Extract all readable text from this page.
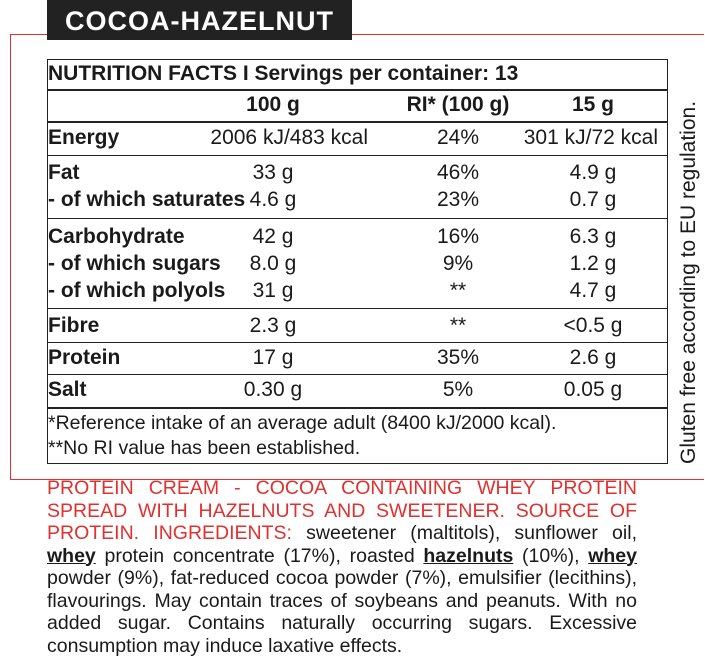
COCOA-HAZELNUT
NUTRITION FACTS I Servings per container: 13
100 g	RI* (100 g)	15 g
Energy	2006 kJ/483 kcal	24%	301 kJ/72 kcal
Fat	33 g	46%	4.9 g
- of which saturates 4.6 g	23%	0.7 g
Carbohydrate	42 g	16%	6.3 g
- of which sugars	8.0 g	9%	1.2 g
- of which polyols	31 g	**	4.7 g
Fibre	2.3 g	**	<0.5 g
Protein	17 g	35%	2.6 g
Salt	0.30 g	5%	0.05 g
*Reference intake of an average adult (8400 kJ/2000 kcal).
**No RI value has been established.	Gluten free according to EU regulation.
PROTEIN CREAM - COCOA CONTAINING WHEY PROTEIN SPREAD WITH HAZELNUTS AND SWEETENER. SOURCE OF PROTEIN. INGREDIENTS: sweetener (maltitols), sunflower oil, whey protein concentrate (17%), roasted hazelnuts (10%), whey powder (9%), fat-reduced cocoa powder (7%), emulsifier (lecithins), flavourings. May contain traces of soybeans and peanuts. With no added sugar. Contains naturally occurring sugars. Excessive consumption may induce laxative effects.
